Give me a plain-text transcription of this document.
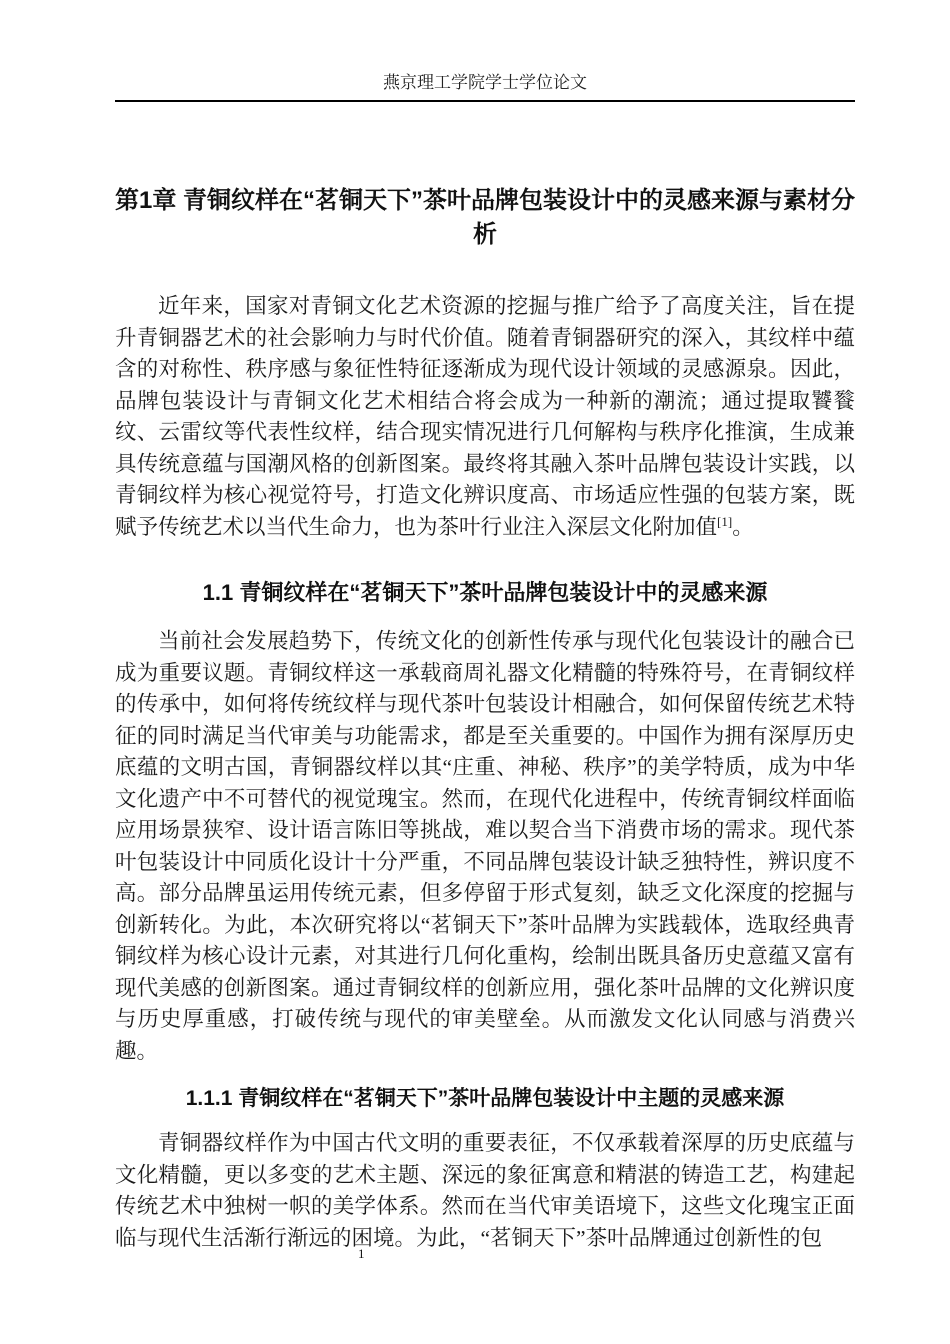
燕京理工学院学士学位论文
第1章 青铜纹样在“茗铜天下”茶叶品牌包装设计中的灵感来源与素材分析

近年来，国家对青铜文化艺术资源的挖掘与推广给予了高度关注，旨在提升青铜器艺术的社会影响力与时代价值。随着青铜器研究的深入，其纹样中蕴含的对称性、秩序感与象征性特征逐渐成为现代设计领域的灵感源泉。因此，品牌包装设计与青铜文化艺术相结合将会成为一种新的潮流；通过提取饕餮纹、云雷纹等代表性纹样，结合现实情况进行几何解构与秩序化推演，生成兼具传统意蕴与国潮风格的创新图案。最终将其融入茶叶品牌包装设计实践，以青铜纹样为核心视觉符号，打造文化辨识度高、市场适应性强的包装方案，既赋予传统艺术以当代生命力，也为茶叶行业注入深层文化附加值[1]。

1.1 青铜纹样在“茗铜天下”茶叶品牌包装设计中的灵感来源

当前社会发展趋势下，传统文化的创新性传承与现代化包装设计的融合已成为重要议题。青铜纹样这一承载商周礼器文化精髓的特殊符号，在青铜纹样的传承中，如何将传统纹样与现代茶叶包装设计相融合，如何保留传统艺术特征的同时满足当代审美与功能需求，都是至关重要的。中国作为拥有深厚历史底蕴的文明古国，青铜器纹样以其“庄重、神秘、秩序”的美学特质，成为中华文化遗产中不可替代的视觉瑰宝。然而，在现代化进程中，传统青铜纹样面临应用场景狭窄、设计语言陈旧等挑战，难以契合当下消费市场的需求。现代茶叶包装设计中同质化设计十分严重，不同品牌包装设计缺乏独特性，辨识度不高。部分品牌虽运用传统元素，但多停留于形式复刻，缺乏文化深度的挖掘与创新转化。为此，本次研究将以“茗铜天下”茶叶品牌为实践载体，选取经典青铜纹样为核心设计元素，对其进行几何化重构，绘制出既具备历史意蕴又富有现代美感的创新图案。通过青铜纹样的创新应用，强化茶叶品牌的文化辨识度与历史厚重感，打破传统与现代的审美壁垒。从而激发文化认同感与消费兴趣。

1.1.1 青铜纹样在“茗铜天下”茶叶品牌包装设计中主题的灵感来源

青铜器纹样作为中国古代文明的重要表征，不仅承载着深厚的历史底蕴与文化精髓，更以多变的艺术主题、深远的象征寓意和精湛的铸造工艺，构建起传统艺术中独树一帜的美学体系。然而在当代审美语境下，这些文化瑰宝正面临与现代生活渐行渐远的困境。为此，“茗铜天下”茶叶品牌通过创新性的包

1
